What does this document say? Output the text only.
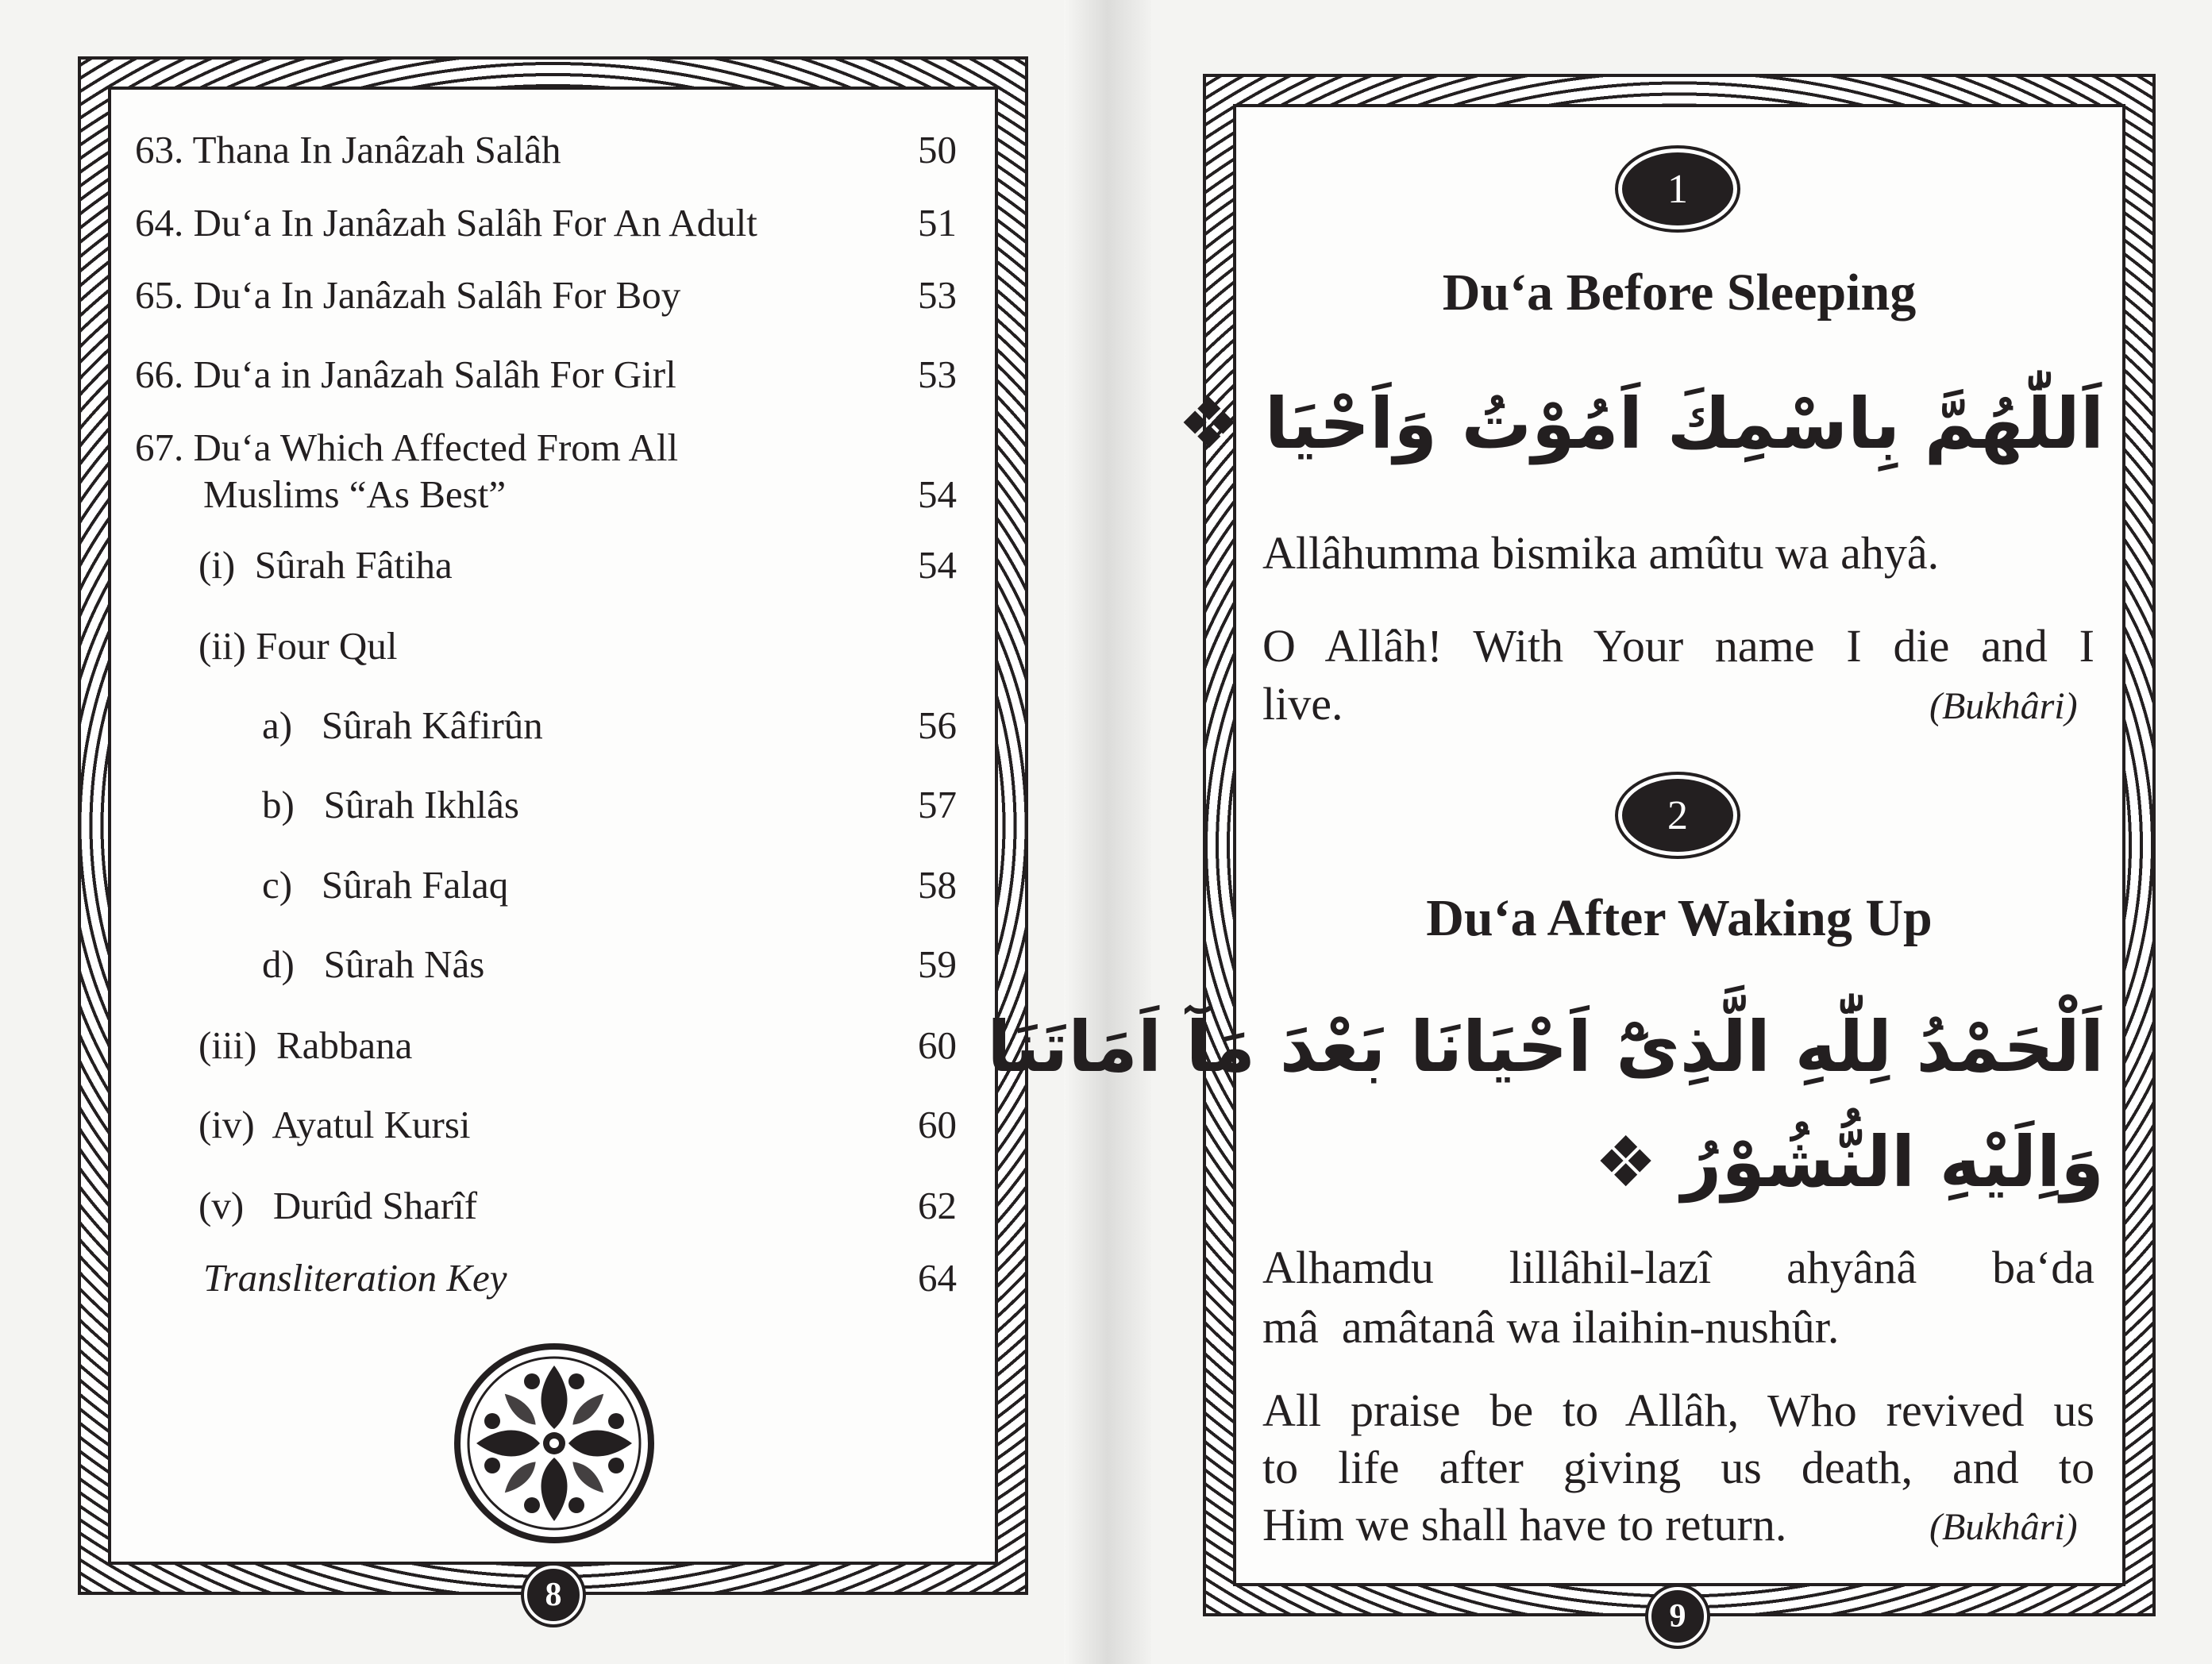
63. Thana In Janâzah Salâh	50
64. Du‘a In Janâzah Salâh For An Adult	51
65. Du‘a In Janâzah Salâh For Boy	53
66. Du‘a in Janâzah Salâh For Girl	53
67. Du‘a Which Affected From All
Muslims “As Best”	54
(i)  Sûrah Fâtiha	54
(ii) Four Qul
a)   Sûrah Kâfirûn	56
b)   Sûrah Ikhlâs	57
c)   Sûrah Falaq	58
d)   Sûrah Nâs	59
(iii)  Rabbana	60
(iv)  Ayatul Kursi	60
(v)   Durûd Sharîf	62
Transliteration Key	64
8
1
Du‘a Before Sleeping
اَللّٰهُمَّ بِاسْمِكَ اَمُوْتُ وَاَحْيَا ❖
Allâhumma bismika amûtu wa ahyâ.
O Allâh! With Your name I die and I
live.	(Bukhâri)
2
Du‘a After Waking Up
اَلْحَمْدُ لِلّٰهِ الَّذِىْٓ اَحْيَانَا بَعْدَ مَآ اَمَاتَنَا
وَاِلَيْهِ النُّشُوْرُ ❖
Alhamdu lillâhil-lazî ahyânâ ba‘da
mâ  amâtanâ wa ilaihin-nushûr.
All praise be to Allâh, Who revived us
to life after giving us death, and to
Him we shall have to return.	(Bukhâri)
9
